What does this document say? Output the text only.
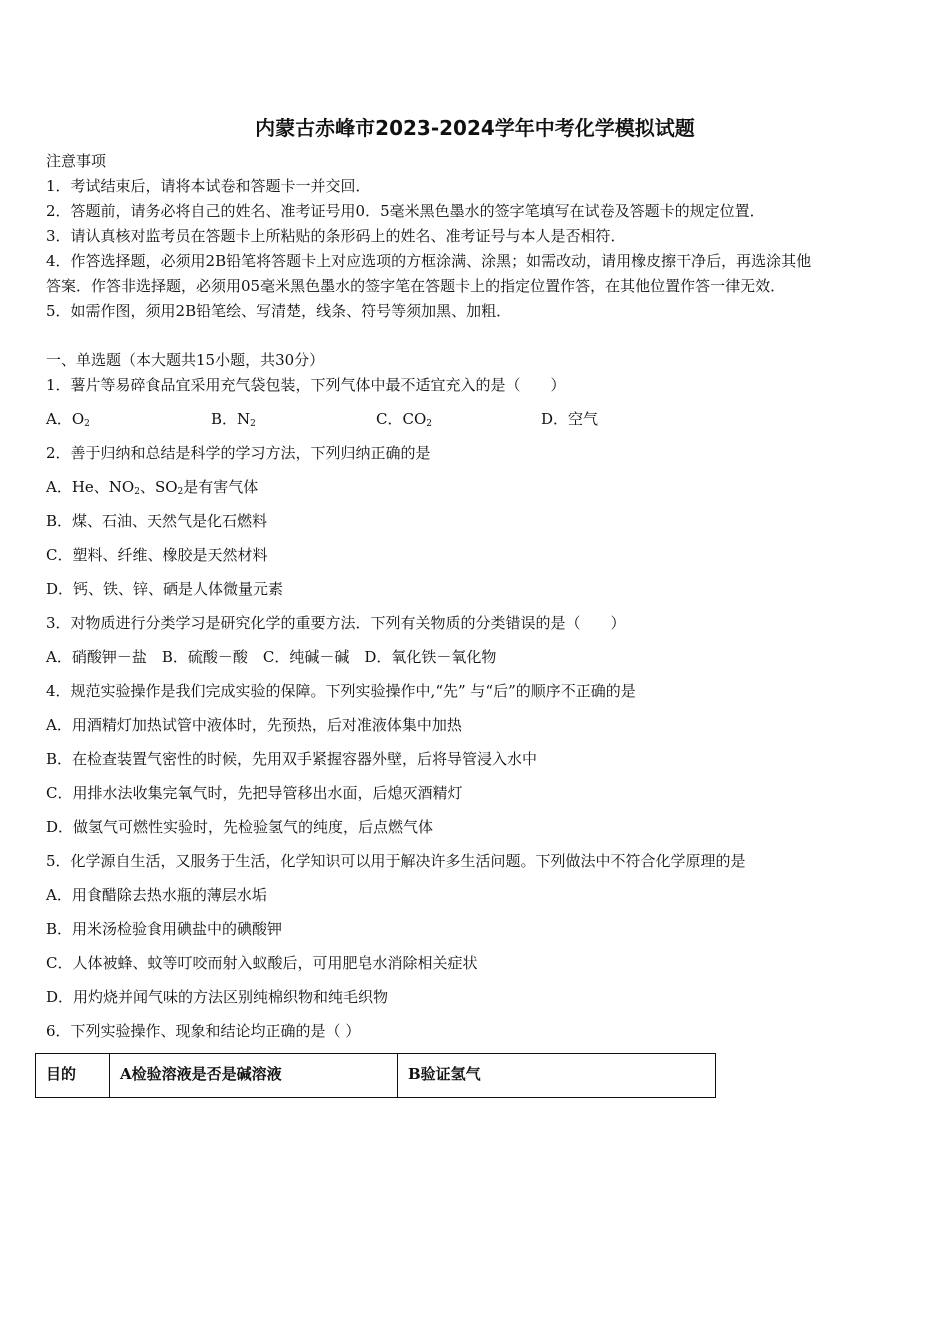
内蒙古赤峰市2023-2024学年中考化学模拟试题
注意事项
1．考试结束后，请将本试卷和答题卡一并交回．
2．答题前，请务必将自己的姓名、准考证号用0．5毫米黑色墨水的签字笔填写在试卷及答题卡的规定位置．
3．请认真核对监考员在答题卡上所粘贴的条形码上的姓名、准考证号与本人是否相符．
4．作答选择题，必须用2B铅笔将答题卡上对应选项的方框涂满、涂黑；如需改动，请用橡皮擦干净后，再选涂其他
答案．作答非选择题，必须用05毫米黑色墨水的签字笔在答题卡上的指定位置作答，在其他位置作答一律无效．
5．如需作图，须用2B铅笔绘、写清楚，线条、符号等须加黑、加粗．
一、单选题（本大题共15小题，共30分）
1．薯片等易碎食品宜采用充气袋包装，下列气体中最不适宜充入的是（　　）
A．$O_2$	B．$N_2$	C．$CO_2$	D．空气
2．善于归纳和总结是科学的学习方法，下列归纳正确的是
A．He、$NO_2$、$SO_2$是有害气体
B．煤、石油、天然气是化石燃料
C．塑料、纤维、橡胶是天然材料
D．钙、铁、锌、硒是人体微量元素
3．对物质进行分类学习是研究化学的重要方法．下列有关物质的分类错误的是（　　）
A．硝酸钾－盐　B．硫酸－酸　C．纯碱－碱　D．氧化铁－氧化物
4．规范实验操作是我们完成实验的保障。下列实验操作中,“先” 与“后”的顺序不正确的是
A．用酒精灯加热试管中液体时，先预热，后对准液体集中加热
B．在检查装置气密性的时候，先用双手紧握容器外壁，后将导管浸入水中
C．用排水法收集完氧气时，先把导管移出水面，后熄灭酒精灯
D．做氢气可燃性实验时，先检验氢气的纯度，后点燃气体
5．化学源自生活，又服务于生活，化学知识可以用于解决许多生活问题。下列做法中不符合化学原理的是
A．用食醋除去热水瓶的薄层水垢
B．用米汤检验食用碘盐中的碘酸钾
C．人体被蜂、蚊等叮咬而射入蚁酸后，可用肥皂水消除相关症状
D．用灼烧并闻气味的方法区别纯棉织物和纯毛织物
6．下列实验操作、现象和结论均正确的是（ ）
目的	A检验溶液是否是碱溶液	B验证氢气
